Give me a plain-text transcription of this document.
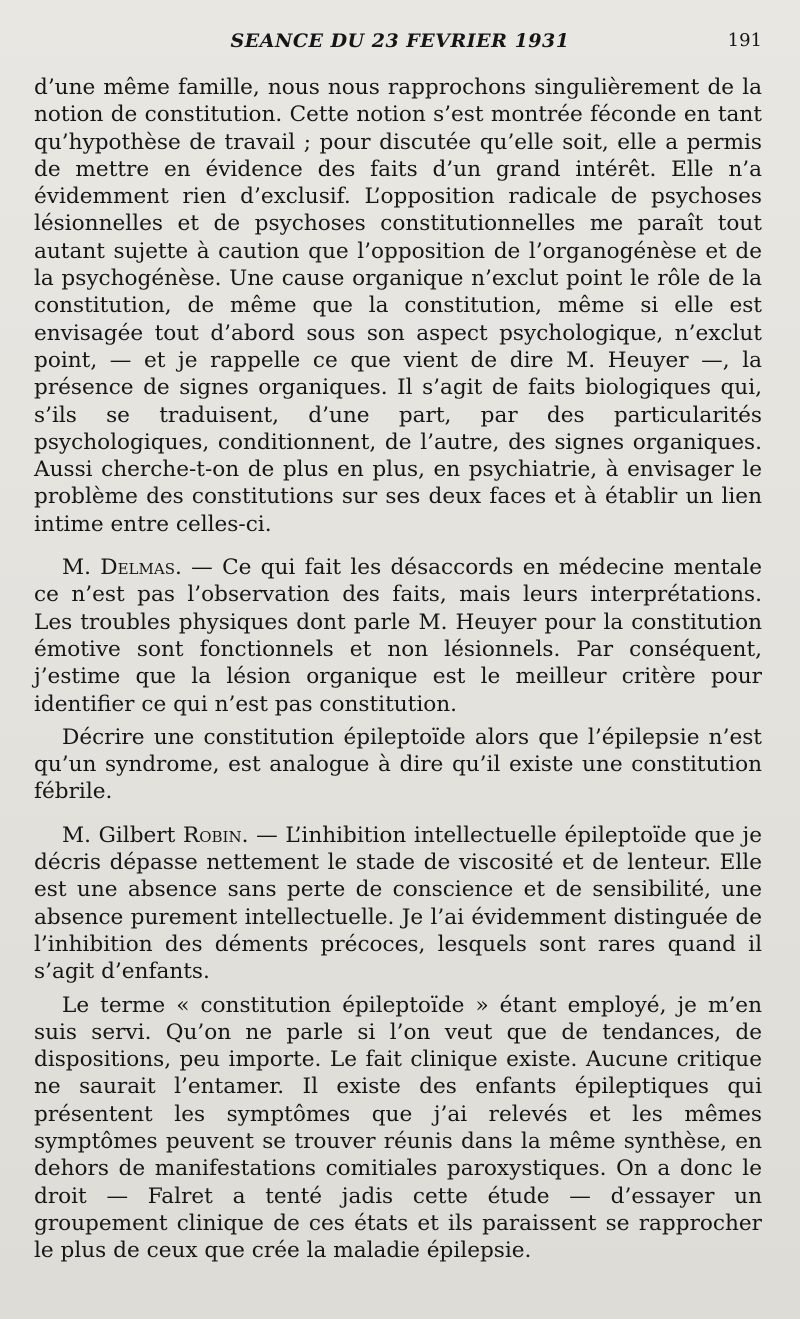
SEANCE DU 23 FEVRIER 1931	191

d’une même famille, nous nous rapprochons singulièrement de la notion de constitution. Cette notion s’est montrée féconde en tant qu’hypothèse de travail ; pour discutée qu’elle soit, elle a permis de mettre en évidence des faits d’un grand intérêt. Elle n’a évidemment rien d’exclusif. L’opposition radicale de psychoses lésionnelles et de psychoses constitutionnelles me paraît tout autant sujette à caution que l’opposition de l’organogénèse et de la psychogénèse. Une cause organique n’exclut point le rôle de la constitution, de même que la constitution, même si elle est envisagée tout d’abord sous son aspect psychologique, n’exclut point, — et je rappelle ce que vient de dire M. Heuyer —, la présence de signes organiques. Il s’agit de faits biologiques qui, s’ils se traduisent, d’une part, par des particularités psychologiques, conditionnent, de l’autre, des signes organiques. Aussi cherche-t-on de plus en plus, en psychiatrie, à envisager le problème des constitutions sur ses deux faces et à établir un lien intime entre celles-ci.

M. Delmas. — Ce qui fait les désaccords en médecine mentale ce n’est pas l’observation des faits, mais leurs interprétations. Les troubles physiques dont parle M. Heuyer pour la constitution émotive sont fonctionnels et non lésionnels. Par conséquent, j’estime que la lésion organique est le meilleur critère pour identifier ce qui n’est pas constitution.

Décrire une constitution épileptoïde alors que l’épilepsie n’est qu’un syndrome, est analogue à dire qu’il existe une constitution fébrile.

M. Gilbert Robin. — L’inhibition intellectuelle épileptoïde que je décris dépasse nettement le stade de viscosité et de lenteur. Elle est une absence sans perte de conscience et de sensibilité, une absence purement intellectuelle. Je l’ai évidemment distinguée de l’inhibition des déments précoces, lesquels sont rares quand il s’agit d’enfants.

Le terme « constitution épileptoïde » étant employé, je m’en suis servi. Qu’on ne parle si l’on veut que de tendances, de dispositions, peu importe. Le fait clinique existe. Aucune critique ne saurait l’entamer. Il existe des enfants épileptiques qui présentent les symptômes que j’ai relevés et les mêmes symptômes peuvent se trouver réunis dans la même synthèse, en dehors de manifestations comitiales paroxystiques. On a donc le droit — Falret a tenté jadis cette étude — d’essayer un groupement clinique de ces états et ils paraissent se rapprocher le plus de ceux que crée la maladie épilepsie.
